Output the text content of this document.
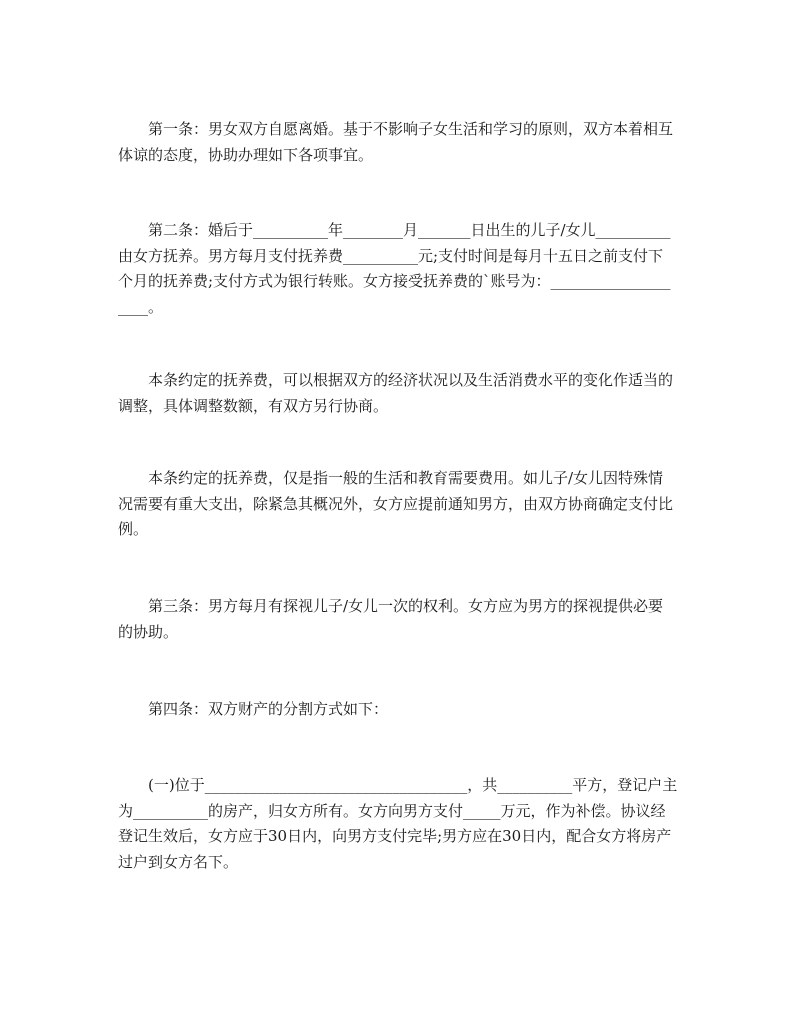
第一条：男女双方自愿离婚。基于不影响子女生活和学习的原则，双方本着相互体谅的态度，协助办理如下各项事宜。

第二条：婚后于__________年________月_______日出生的儿子/女儿__________由女方抚养。男方每月支付抚养费__________元;支付时间是每月十五日之前支付下个月的抚养费;支付方式为银行转账。女方接受抚养费的`账号为：____________________。

本条约定的抚养费，可以根据双方的经济状况以及生活消费水平的变化作适当的调整，具体调整数额，有双方另行协商。

本条约定的抚养费，仅是指一般的生活和教育需要费用。如儿子/女儿因特殊情况需要有重大支出，除紧急其概况外，女方应提前通知男方，由双方协商确定支付比例。

第三条：男方每月有探视儿子/女儿一次的权利。女方应为男方的探视提供必要的协助。

第四条：双方财产的分割方式如下：

(一)位于___________________________________，共__________平方，登记户主为__________的房产，归女方所有。女方向男方支付_____万元，作为补偿。协议经登记生效后，女方应于30日内，向男方支付完毕;男方应在30日内，配合女方将房产过户到女方名下。
